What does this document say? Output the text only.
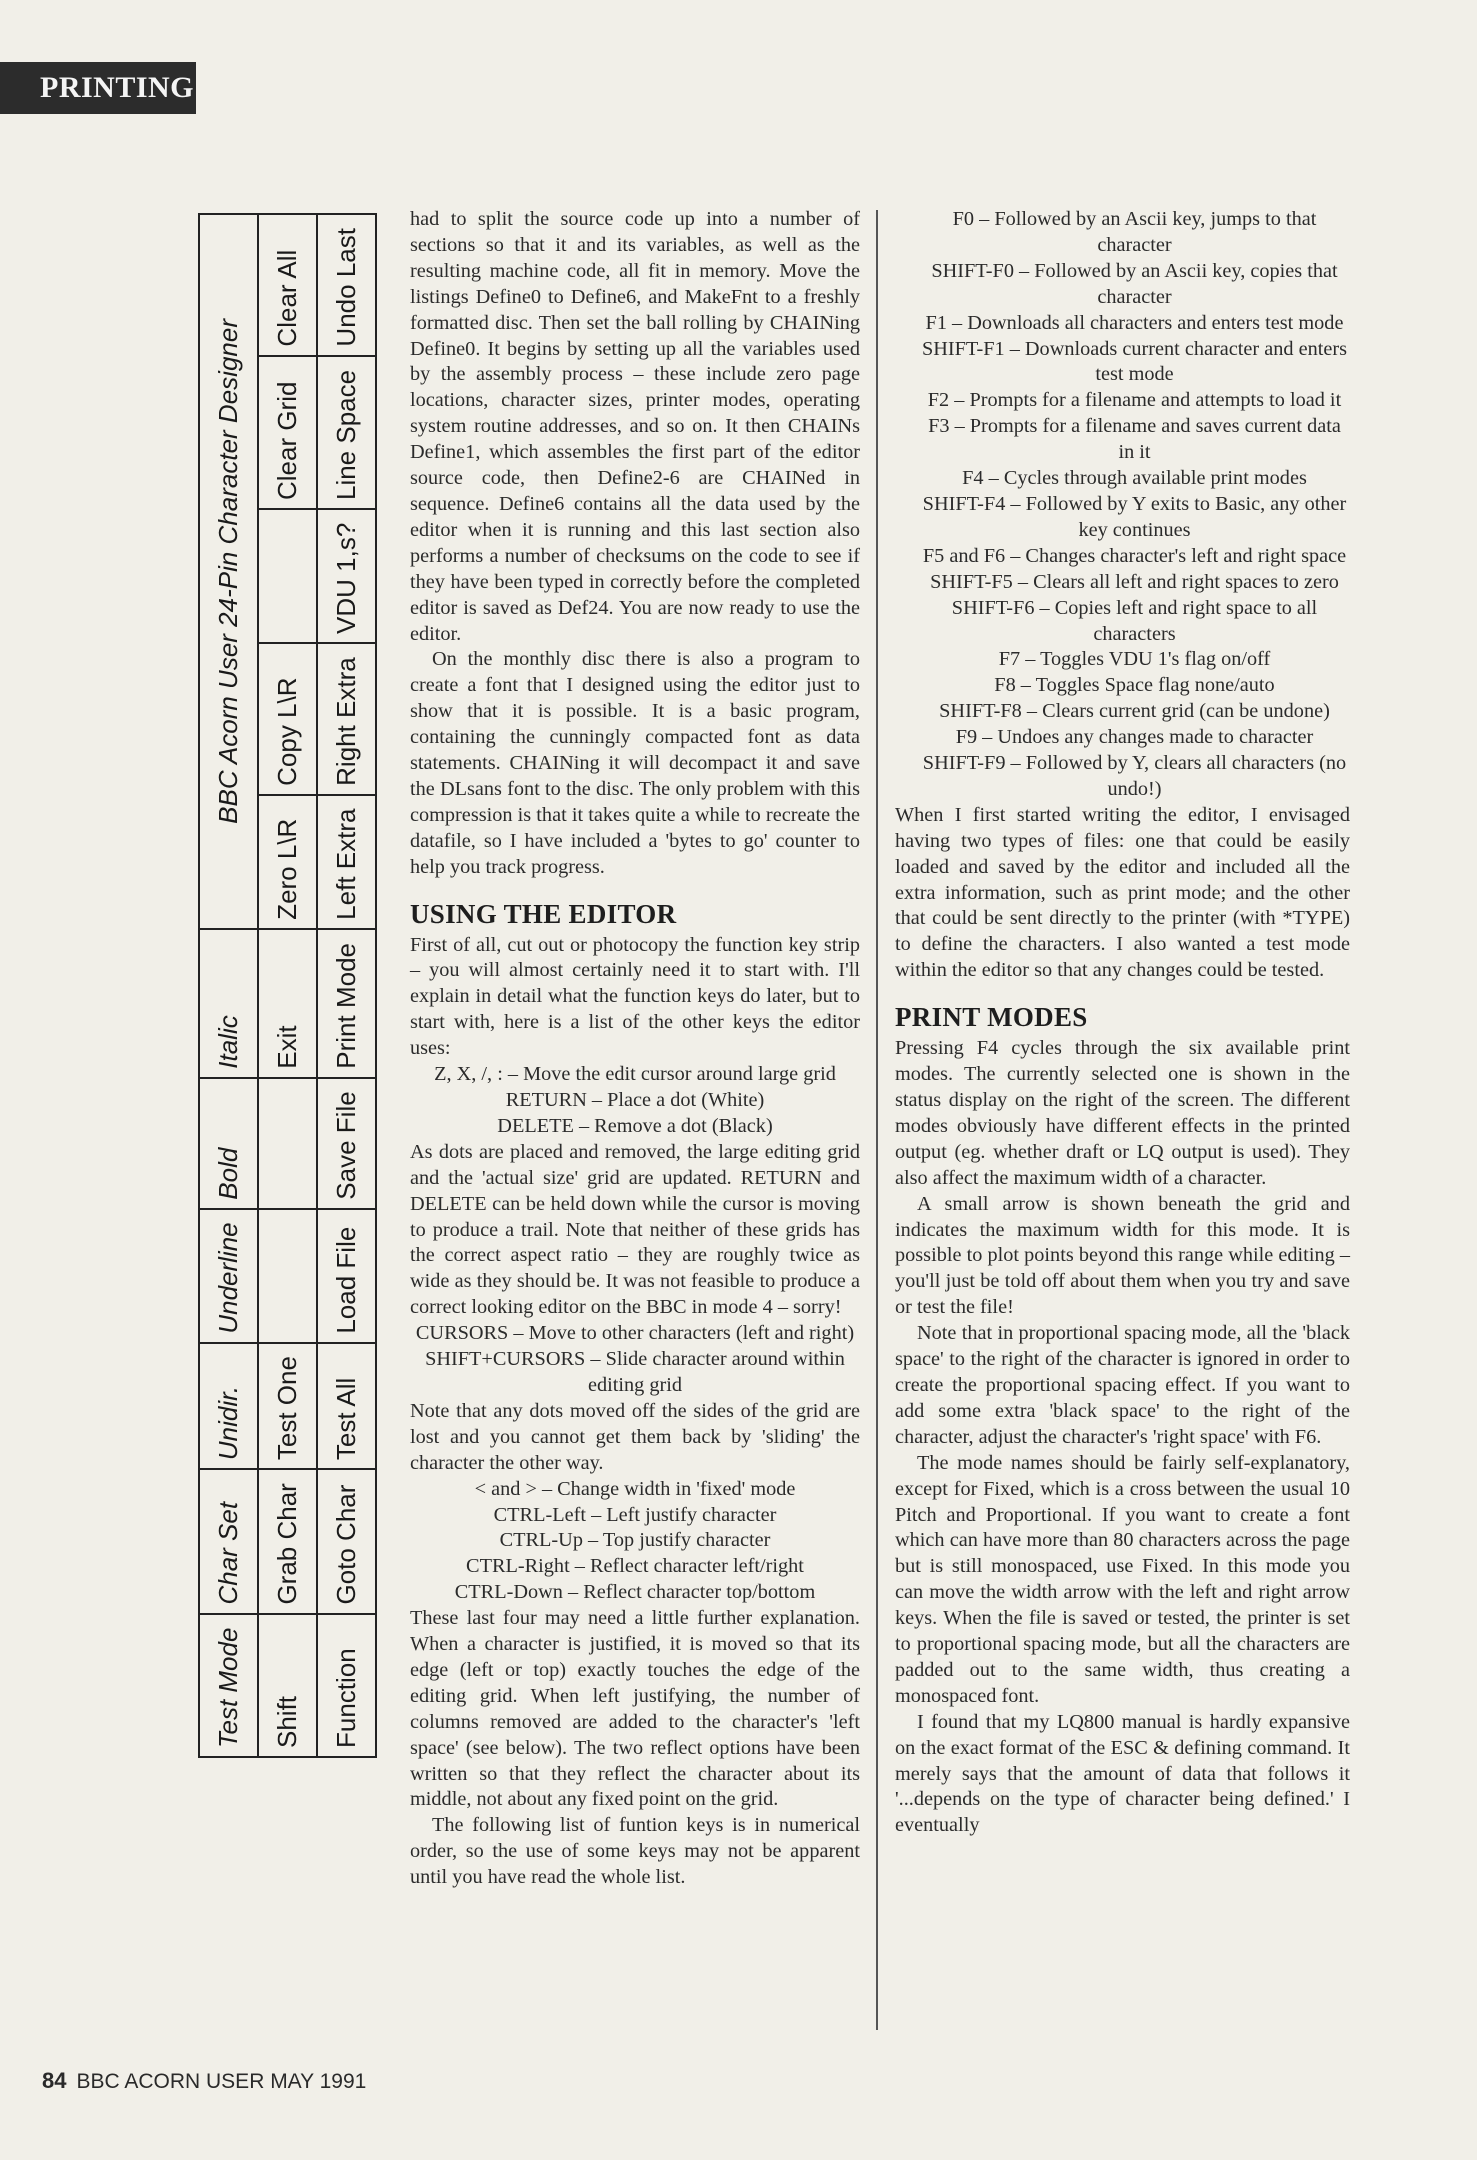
PRINTING
Test Mode	Char Set	Unidir.	Underline	Bold	Italic	BBC Acorn User 24-Pin Character Designer				
Shift	Grab Char	Test One			Exit	Zero L\R	Copy L\R		Clear Grid	Clear All
Function	Goto Char	Test All	Load File	Save File	Print Mode	Left Extra	Right Extra	VDU 1,s?	Line Space	Undo Last

had to split the source code up into a number of sections so that it and its variables, as well as the resulting machine code, all fit in memory. Move the listings Define0 to Define6, and MakeFnt to a freshly formatted disc. Then set the ball rolling by CHAINing Define0. It begins by setting up all the variables used by the assembly process – these include zero page locations, character sizes, printer modes, operating system routine addresses, and so on. It then CHAINs Define1, which assembles the first part of the editor source code, then Define2-6 are CHAINed in sequence. Define6 contains all the data used by the editor when it is running and this last section also performs a number of checksums on the code to see if they have been typed in correctly before the completed editor is saved as Def24. You are now ready to use the editor.

On the monthly disc there is also a program to create a font that I designed using the editor just to show that it is possible. It is a basic program, containing the cunningly compacted font as data statements. CHAINing it will decompact it and save the DLsans font to the disc. The only problem with this compression is that it takes quite a while to recreate the datafile, so I have included a 'bytes to go' counter to help you track progress.

USING THE EDITOR

First of all, cut out or photocopy the function key strip – you will almost certainly need it to start with. I'll explain in detail what the function keys do later, but to start with, here is a list of the other keys the editor uses:

Z, X, /, : – Move the edit cursor around large grid

RETURN – Place a dot (White)

DELETE – Remove a dot (Black)

As dots are placed and removed, the large editing grid and the 'actual size' grid are updated. RETURN and DELETE can be held down while the cursor is moving to produce a trail. Note that neither of these grids has the correct aspect ratio – they are roughly twice as wide as they should be. It was not feasible to produce a correct looking editor on the BBC in mode 4 – sorry!

CURSORS – Move to other characters (left and right)

SHIFT+CURSORS – Slide character around within editing grid

Note that any dots moved off the sides of the grid are lost and you cannot get them back by 'sliding' the character the other way.

< and > – Change width in 'fixed' mode

CTRL-Left – Left justify character

CTRL-Up – Top justify character

CTRL-Right – Reflect character left/right

CTRL-Down – Reflect character top/bottom

These last four may need a little further explanation. When a character is justified, it is moved so that its edge (left or top) exactly touches the edge of the editing grid. When left justifying, the number of columns removed are added to the character's 'left space' (see below). The two reflect options have been written so that they reflect the character about its middle, not about any fixed point on the grid.

The following list of funtion keys is in numerical order, so the use of some keys may not be apparent until you have read the whole list.

F0 – Followed by an Ascii key, jumps to that character

SHIFT-F0 – Followed by an Ascii key, copies that character

F1 – Downloads all characters and enters test mode

SHIFT-F1 – Downloads current character and enters test mode

F2 – Prompts for a filename and attempts to load it

F3 – Prompts for a filename and saves current data in it

F4 – Cycles through available print modes

SHIFT-F4 – Followed by Y exits to Basic, any other key continues

F5 and F6 – Changes character's left and right space

SHIFT-F5 – Clears all left and right spaces to zero

SHIFT-F6 – Copies left and right space to all characters

F7 – Toggles VDU 1's flag on/off

F8 – Toggles Space flag none/auto

SHIFT-F8 – Clears current grid (can be undone)

F9 – Undoes any changes made to character

SHIFT-F9 – Followed by Y, clears all characters (no undo!)

When I first started writing the editor, I envisaged having two types of files: one that could be easily loaded and saved by the editor and included all the extra information, such as print mode; and the other that could be sent directly to the printer (with *TYPE) to define the characters. I also wanted a test mode within the editor so that any changes could be tested.

PRINT MODES

Pressing F4 cycles through the six available print modes. The currently selected one is shown in the status display on the right of the screen. The different modes obviously have different effects in the printed output (eg. whether draft or LQ output is used). They also affect the maximum width of a character.

A small arrow is shown beneath the grid and indicates the maximum width for this mode. It is possible to plot points beyond this range while editing – you'll just be told off about them when you try and save or test the file!

Note that in proportional spacing mode, all the 'black space' to the right of the character is ignored in order to create the proportional spacing effect. If you want to add some extra 'black space' to the right of the character, adjust the character's 'right space' with F6.

The mode names should be fairly self-explanatory, except for Fixed, which is a cross between the usual 10 Pitch and Proportional. If you want to create a font which can have more than 80 characters across the page but is still monospaced, use Fixed. In this mode you can move the width arrow with the left and right arrow keys. When the file is saved or tested, the printer is set to proportional spacing mode, but all the characters are padded out to the same width, thus creating a monospaced font.

I found that my LQ800 manual is hardly expansive on the exact format of the ESC & defining command. It merely says that the amount of data that follows it '...depends on the type of character being defined.' I eventually

84 BBC ACORN USER MAY 1991
